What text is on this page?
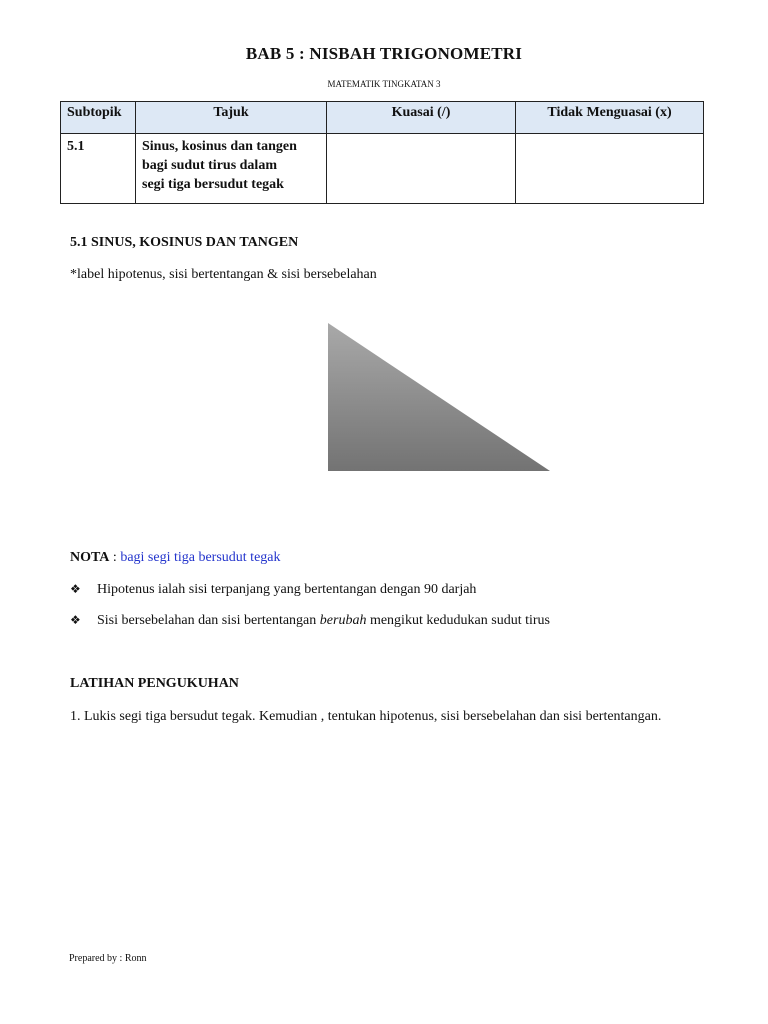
BAB 5 : NISBAH TRIGONOMETRI
MATEMATIK TINGKATAN 3
Subtopik	Tajuk	Kuasai (/)	Tidak Menguasai (x)
5.1	Sinus, kosinus dan tangen
bagi sudut tirus dalam
segi tiga bersudut tegak		

5.1 SINUS, KOSINUS DAN TANGEN
*label hipotenus, sisi bertentangan & sisi bersebelahan
NOTA : bagi segi tiga bersudut tegak
❖ Hipotenus ialah sisi terpanjang yang bertentangan dengan 90 darjah
❖ Sisi bersebelahan dan sisi bertentangan berubah mengikut kedudukan sudut tirus
LATIHAN PENGUKUHAN
1. Lukis segi tiga bersudut tegak. Kemudian , tentukan hipotenus, sisi bersebelahan dan sisi bertentangan.
Prepared by : Ronn
